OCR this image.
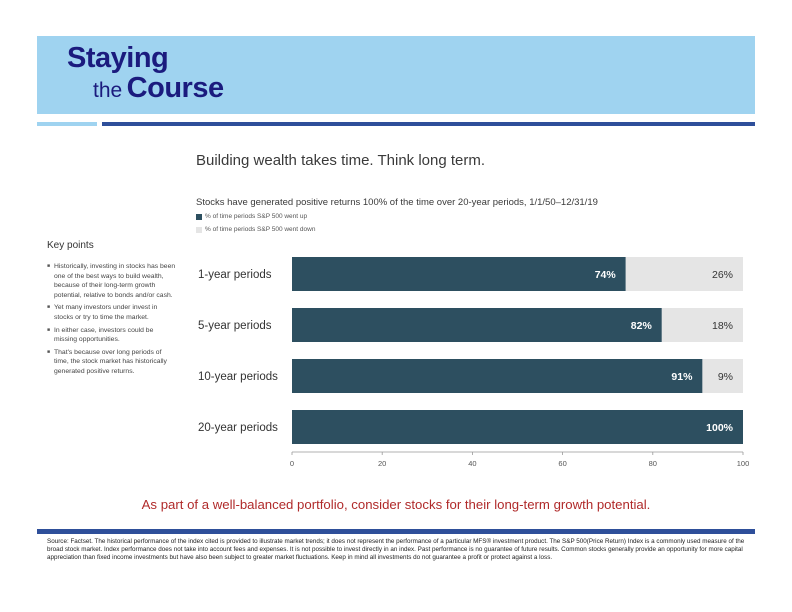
Staying
the Course
Building wealth takes time. Think long term.
Stocks have generated positive returns 100% of the time over 20-year periods, 1/1/50–12/31/19
% of time periods S&P 500 went up
% of time periods S&P 500 went down
Key points
■ Historically, investing in stocks has been one of the best ways to build wealth, because of their long-term growth potential, relative to bonds and/or cash.
■ Yet many investors under invest in stocks or try to time the market.
■ In either case, investors could be missing opportunities.
■ That's because over long periods of time, the stock market has historically generated positive returns.
1-year periods	74%	26%
5-year periods	82%	18%
10-year periods	91% 9%
20-year periods	100%
0	20	40	60	80	100
As part of a well-balanced portfolio, consider stocks for their long-term growth potential.
Source: Factset. The historical performance of the index cited is provided to illustrate market trends; it does not represent the performance of a particular MFS® investment product. The S&P 500(Price Return) Index is a commonly used measure of the broad stock market. Index performance does not take into account fees and expenses. It is not possible to invest directly in an index. Past performance is no guarantee of future results. Common stocks generally provide an opportunity for more capital appreciation than fixed income investments but have also been subject to greater market fluctuations. Keep in mind all investments do not guarantee a profit or protect against a loss.
